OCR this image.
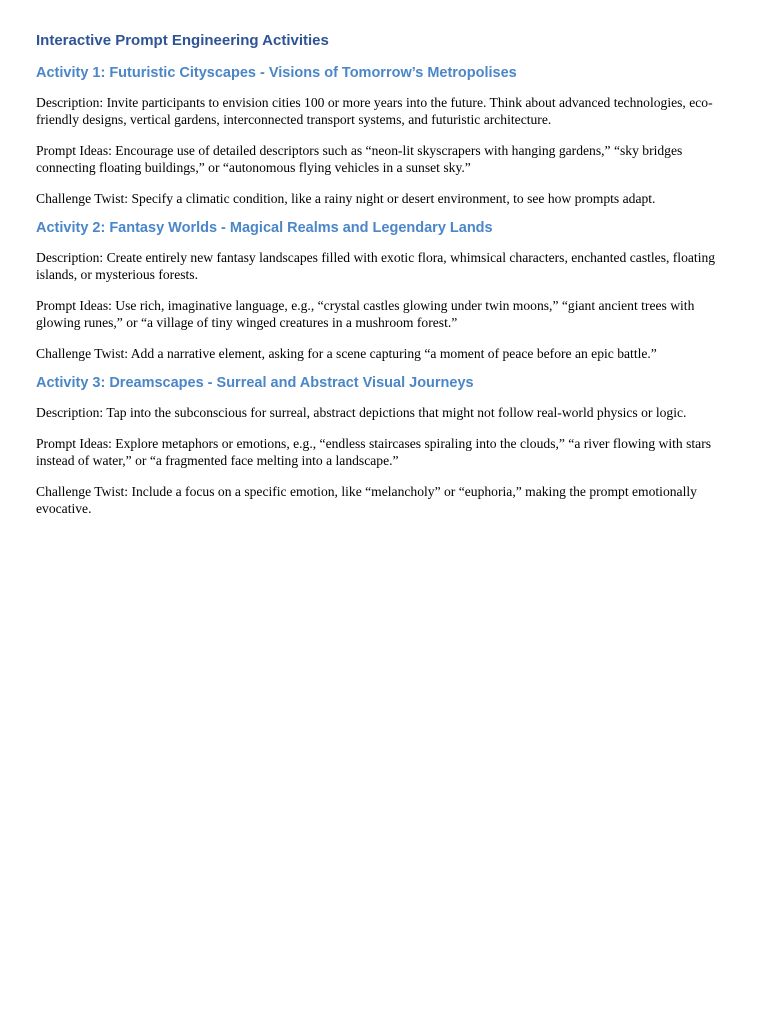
Interactive Prompt Engineering Activities
Activity 1: Futuristic Cityscapes - Visions of Tomorrow’s Metropolises

Description: Invite participants to envision cities 100 or more years into the future. Think about advanced technologies, eco-friendly designs, vertical gardens, interconnected transport systems, and futuristic architecture.

Prompt Ideas: Encourage use of detailed descriptors such as “neon-lit skyscrapers with hanging gardens,” “sky bridges connecting floating buildings,” or “autonomous flying vehicles in a sunset sky.”

Challenge Twist: Specify a climatic condition, like a rainy night or desert environment, to see how prompts adapt.

Activity 2: Fantasy Worlds - Magical Realms and Legendary Lands

Description: Create entirely new fantasy landscapes filled with exotic flora, whimsical characters, enchanted castles, floating islands, or mysterious forests.

Prompt Ideas: Use rich, imaginative language, e.g., “crystal castles glowing under twin moons,” “giant ancient trees with glowing runes,” or “a village of tiny winged creatures in a mushroom forest.”

Challenge Twist: Add a narrative element, asking for a scene capturing “a moment of peace before an epic battle.”

Activity 3: Dreamscapes - Surreal and Abstract Visual Journeys

Description: Tap into the subconscious for surreal, abstract depictions that might not follow real-world physics or logic.

Prompt Ideas: Explore metaphors or emotions, e.g., “endless staircases spiraling into the clouds,” “a river flowing with stars instead of water,” or “a fragmented face melting into a landscape.”

Challenge Twist: Include a focus on a specific emotion, like “melancholy” or “euphoria,” making the prompt emotionally evocative.
